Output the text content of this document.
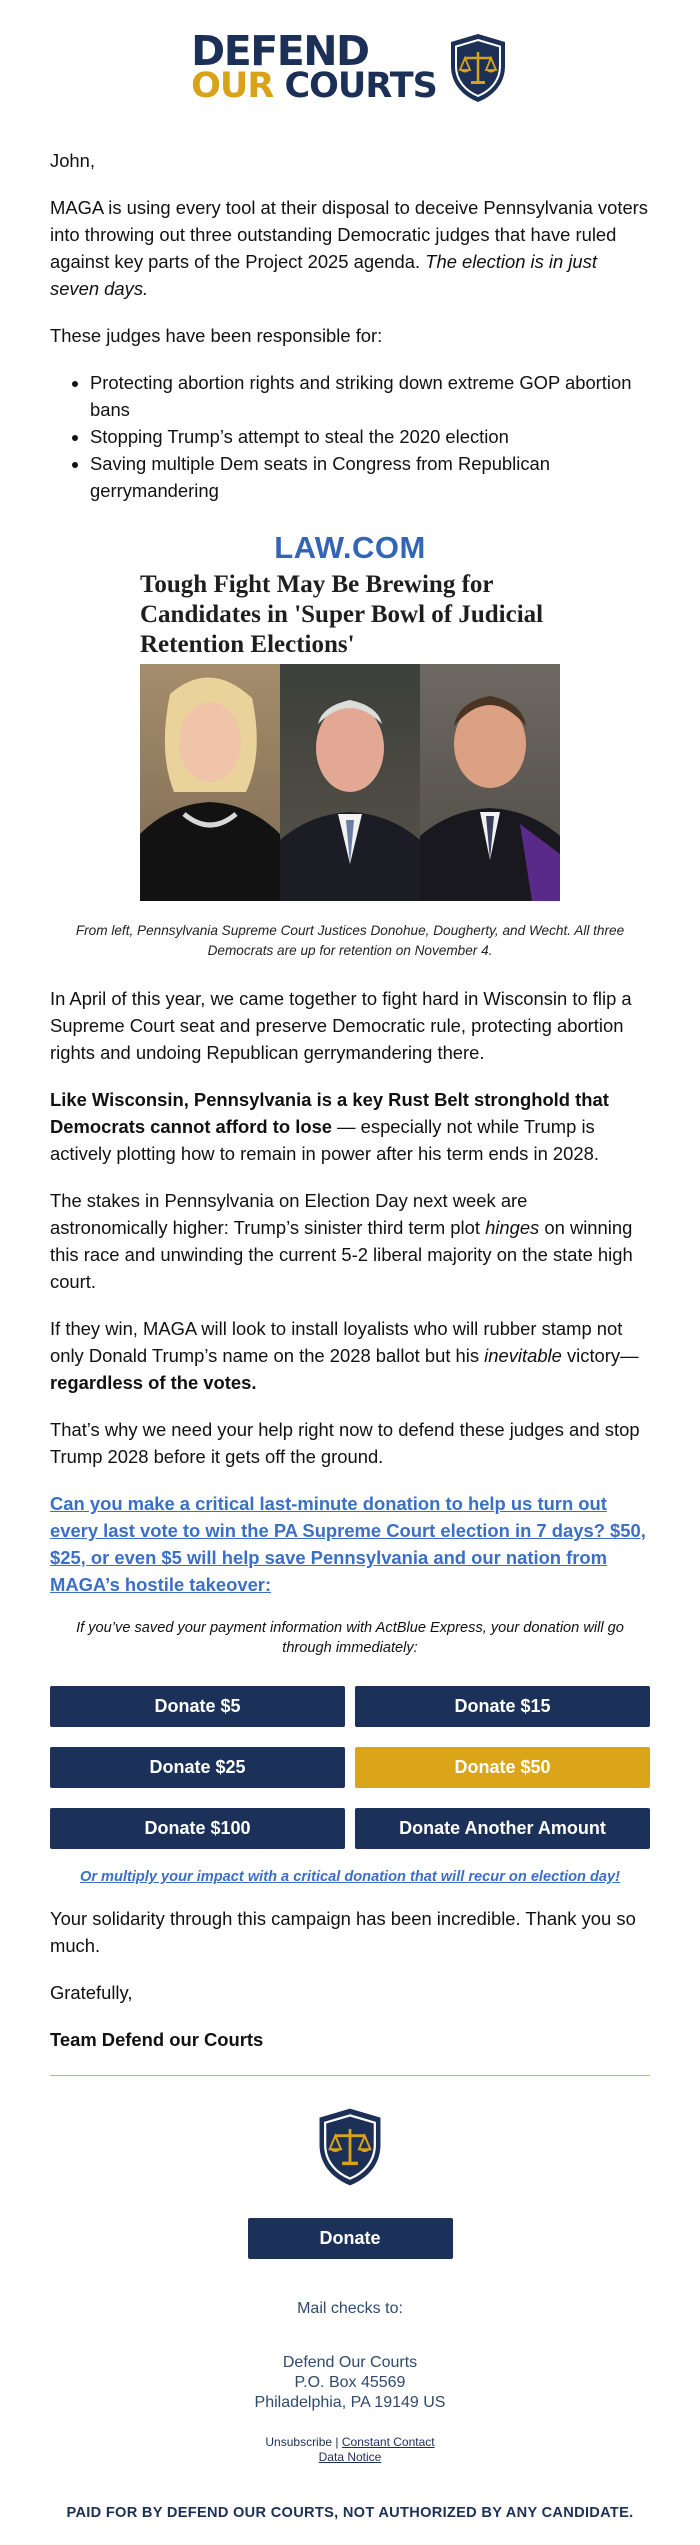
DEFEND
OUR COURTS

John,

MAGA is using every tool at their disposal to deceive Pennsylvania voters into throwing out three outstanding Democratic judges that have ruled against key parts of the Project 2025 agenda. The election is in just seven days.

These judges have been responsible for:

• Protecting abortion rights and striking down extreme GOP abortion bans
• Stopping Trump’s attempt to steal the 2020 election
• Saving multiple Dem seats in Congress from Republican gerrymandering
LAW.COM
Tough Fight May Be Brewing for Candidates in 'Super Bowl of Judicial Retention Elections'

From left, Pennsylvania Supreme Court Justices Donohue, Dougherty, and Wecht. All three Democrats are up for retention on November 4.

In April of this year, we came together to fight hard in Wisconsin to flip a Supreme Court seat and preserve Democratic rule, protecting abortion rights and undoing Republican gerrymandering there.

Like Wisconsin, Pennsylvania is a key Rust Belt stronghold that Democrats cannot afford to lose — especially not while Trump is actively plotting how to remain in power after his term ends in 2028.

The stakes in Pennsylvania on Election Day next week are astronomically higher: Trump’s sinister third term plot hinges on winning this race and unwinding the current 5-2 liberal majority on the state high court.

If they win, MAGA will look to install loyalists who will rubber stamp not only Donald Trump’s name on the 2028 ballot but his inevitable victory— regardless of the votes.

That’s why we need your help right now to defend these judges and stop Trump 2028 before it gets off the ground.

Can you make a critical last-minute donation to help us turn out every last vote to win the PA Supreme Court election in 7 days? $50, $25, or even $5 will help save Pennsylvania and our nation from MAGA’s hostile takeover:

If you’ve saved your payment information with ActBlue Express, your donation will go through immediately:

Donate $5	Donate $15
Donate $25	Donate $50
Donate $100	Donate Another Amount
Or multiply your impact with a critical donation that will recur on election day!

Your solidarity through this campaign has been incredible. Thank you so much.

Gratefully,

Team Defend our Courts

Donate
Mail checks to:
Defend Our Courts
P.O. Box 45569
Philadelphia, PA 19149 US
Unsubscribe | Constant Contact
Data Notice
PAID FOR BY DEFEND OUR COURTS, NOT AUTHORIZED BY ANY CANDIDATE.
